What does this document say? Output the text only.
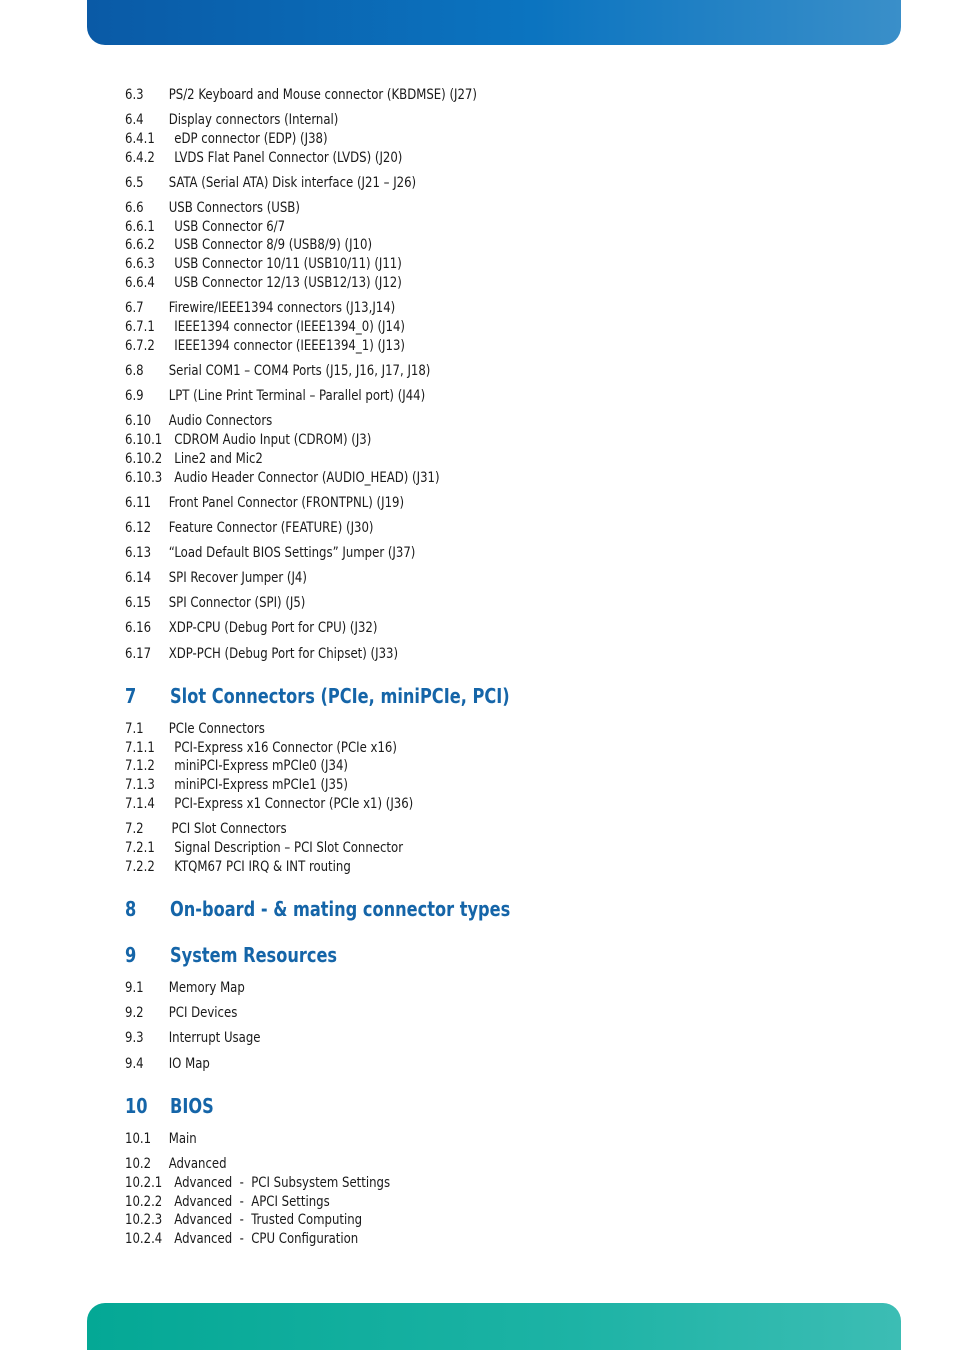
6.3 PS/2 Keyboard and Mouse connector (KBDMSE) (J27)
6.4 Display connectors (Internal)
6.4.1 eDP connector (EDP) (J38)
6.4.2 LVDS Flat Panel Connector (LVDS) (J20)
6.5 SATA (Serial ATA) Disk interface (J21 – J26)
6.6 USB Connectors (USB)
6.6.1 USB Connector 6/7
6.6.2 USB Connector 8/9 (USB8/9) (J10)
6.6.3 USB Connector 10/11 (USB10/11) (J11)
6.6.4 USB Connector 12/13 (USB12/13) (J12)
6.7 Firewire/IEEE1394 connectors (J13,J14)
6.7.1 IEEE1394 connector (IEEE1394_0) (J14)
6.7.2 IEEE1394 connector (IEEE1394_1) (J13)
6.8 Serial COM1 – COM4 Ports (J15, J16, J17, J18)
6.9 LPT (Line Print Terminal – Parallel port) (J44)
6.10 Audio Connectors
6.10.1 CDROM Audio Input (CDROM) (J3)
6.10.2 Line2 and Mic2
6.10.3 Audio Header Connector (AUDIO_HEAD) (J31)
6.11 Front Panel Connector (FRONTPNL) (J19)
6.12 Feature Connector (FEATURE) (J30)
6.13 “Load Default BIOS Settings” Jumper (J37)
6.14 SPI Recover Jumper (J4)
6.15 SPI Connector (SPI) (J5)
6.16 XDP-CPU (Debug Port for CPU) (J32)
6.17 XDP-PCH (Debug Port for Chipset) (J33)
7 Slot Connectors (PCIe, miniPCIe, PCI)
7.1 PCIe Connectors
7.1.1 PCI-Express x16 Connector (PCIe x16)
7.1.2 miniPCI-Express mPCIe0 (J34)
7.1.3 miniPCI-Express mPCIe1 (J35)
7.1.4 PCI-Express x1 Connector (PCIe x1) (J36)
7.2 PCI Slot Connectors
7.2.1 Signal Description – PCI Slot Connector
7.2.2 KTQM67 PCI IRQ & INT routing
8 On-board - & mating connector types
9 System Resources
9.1 Memory Map
9.2 PCI Devices
9.3 Interrupt Usage
9.4 IO Map
10 BIOS
10.1 Main
10.2 Advanced
10.2.1 Advanced  -  PCI Subsystem Settings
10.2.2 Advanced  -  APCI Settings
10.2.3 Advanced  -  Trusted Computing
10.2.4 Advanced  -  CPU Configuration
